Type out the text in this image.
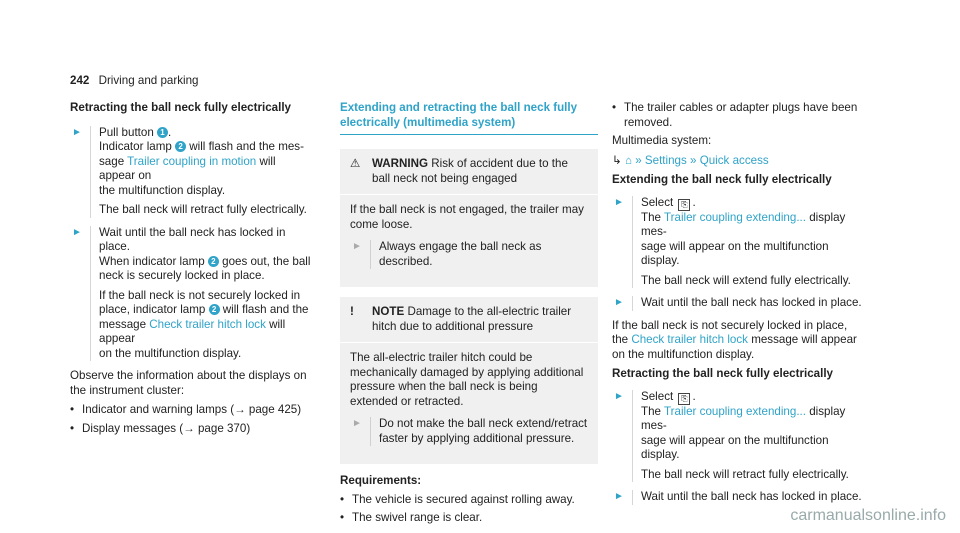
242 Driving and parking
Retracting the ball neck fully electrically
► Pull button 1 .
Indicator lamp 2 will flash and the mes-
sage Trailer coupling in motion will appear on
the multifunction display.

The ball neck will retract fully electrically.

► Wait until the ball neck has locked in place.
When indicator lamp 2 goes out, the ball
neck is securely locked in place.

If the ball neck is not securely locked in
place, indicator lamp 2 will flash and the
message Check trailer hitch lock will appear
on the multifunction display.

Observe the information about the displays on the instrument cluster:

• Indicator and warning lamps (→ page 425)
• Display messages (→ page 370)
Extending and retracting the ball neck fully electrically (multimedia system)
⚠ WARNING Risk of accident due to the ball neck not being engaged

If the ball neck is not engaged, the trailer may come loose.

►	Always engage the ball neck as described.
!	NOTE Damage to the all-electric trailer hitch due to additional pressure

The all-electric trailer hitch could be mechanically damaged by applying additional pressure when the ball neck is being extended or retracted.

►	Do not make the ball neck extend/retract faster by applying additional pressure.
Requirements:
• The vehicle is secured against rolling away.
• The swivel range is clear.
• The trailer cables or adapter plugs have been removed.

Multimedia system:

↳ ⌂ » Settings » Quick access

Extending the ball neck fully electrically
► Select ⎘ .
The Trailer coupling extending... display mes-
sage will appear on the multifunction display.

The ball neck will extend fully electrically.

►	Wait until the ball neck has locked in place.

If the ball neck is not securely locked in place,
the Check trailer hitch lock message will appear
on the multifunction display.

Retracting the ball neck fully electrically
► Select ⎘ .
The Trailer coupling extending... display mes-
sage will appear on the multifunction display.

The ball neck will retract fully electrically.

►	Wait until the ball neck has locked in place.
carmanualsonline.info
